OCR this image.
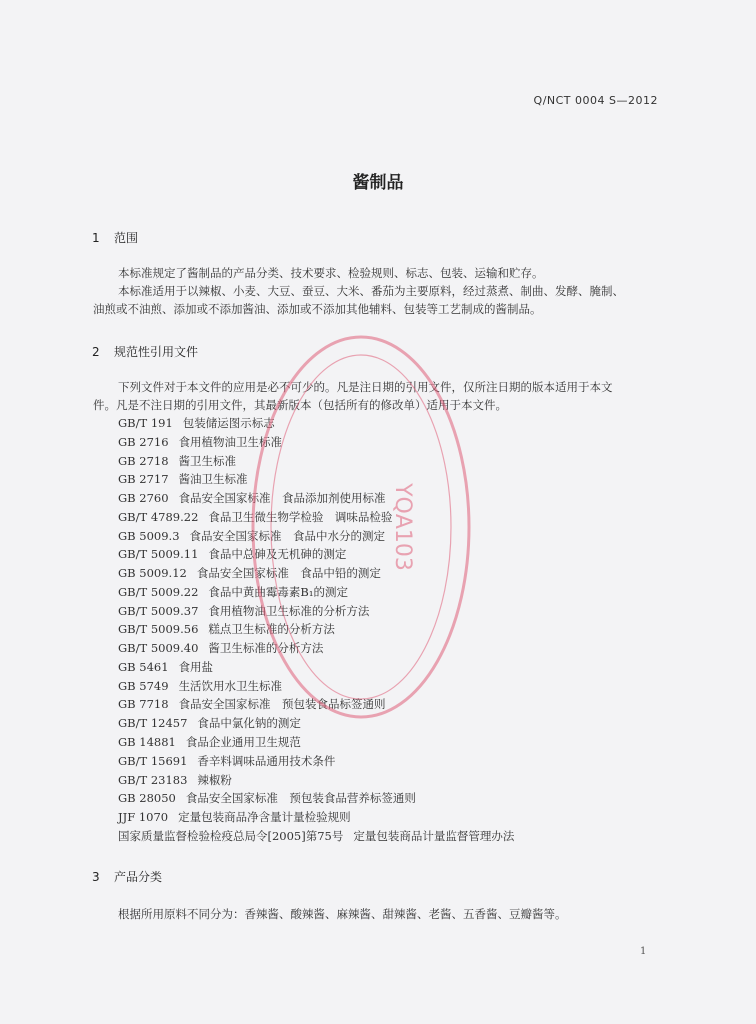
Q/NCT 0004 S—2012
酱制品
1 范围
本标准规定了酱制品的产品分类、技术要求、检验规则、标志、包装、运输和贮存。
本标准适用于以辣椒、小麦、大豆、蚕豆、大米、番茄为主要原料，经过蒸煮、制曲、发酵、腌制、
油煎或不油煎、添加或不添加酱油、添加或不添加其他辅料、包装等工艺制成的酱制品。
2 规范性引用文件
下列文件对于本文件的应用是必不可少的。凡是注日期的引用文件，仅所注日期的版本适用于本文
件。凡是不注日期的引用文件，其最新版本（包括所有的修改单）适用于本文件。
GB/T 191 包装储运图示标志
GB 2716 食用植物油卫生标准
GB 2718 酱卫生标准
GB 2717 酱油卫生标准
GB 2760 食品安全国家标准　食品添加剂使用标准
GB/T 4789.22 食品卫生微生物学检验　调味品检验
GB 5009.3 食品安全国家标准　食品中水分的测定
GB/T 5009.11 食品中总砷及无机砷的测定
GB 5009.12 食品安全国家标准　食品中铅的测定
GB/T 5009.22 食品中黄曲霉毒素B₁的测定
GB/T 5009.37 食用植物油卫生标准的分析方法
GB/T 5009.56 糕点卫生标准的分析方法
GB/T 5009.40 酱卫生标准的分析方法
GB 5461 食用盐
GB 5749 生活饮用水卫生标准
GB 7718 食品安全国家标准　预包装食品标签通则
GB/T 12457 食品中氯化钠的测定
GB 14881 食品企业通用卫生规范
GB/T 15691 香辛料调味品通用技术条件
GB/T 23183 辣椒粉
GB 28050 食品安全国家标准　预包装食品营养标签通则
JJF 1070 定量包装商品净含量计量检验规则
国家质量监督检验检疫总局令[2005]第75号 定量包装商品计量监督管理办法
3 产品分类
根据所用原料不同分为：香辣酱、酸辣酱、麻辣酱、甜辣酱、老酱、五香酱、豆瓣酱等。
1
YQA103
